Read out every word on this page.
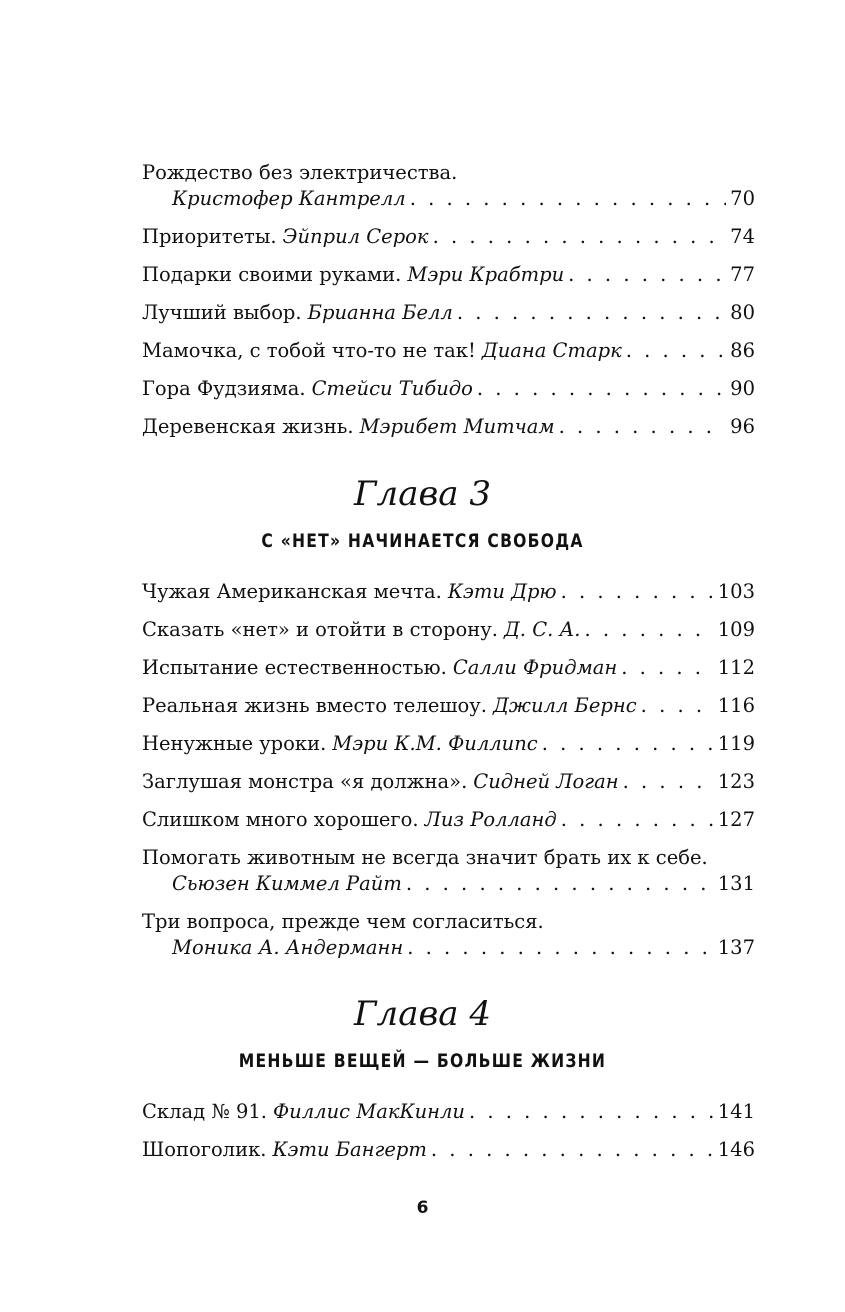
Рождество без электричества.
Кристофер Кантрелл . . .	70
Приоритеты. Эйприл Серок . . .	74
Подарки своими руками. Мэри Крабтри . . .	77
Лучший выбор. Брианна Белл . . .	80
Мамочка, с тобой что-то не так! Диана Старк . . .	86
Гора Фудзияма. Стейси Тибидо . . .	90
Деревенская жизнь. Мэрибет Митчам . . .	96
Глава 3
С «НЕТ» НАЧИНАЕТСЯ СВОБОДА
Чужая Американская мечта. Кэти Дрю . . .	103
Сказать «нет» и отойти в сторону. Д. С. А. . . .	109
Испытание естественностью. Салли Фридман . . .	112
Реальная жизнь вместо телешоу. Джилл Бернс . . .	116
Ненужные уроки. Мэри К.М. Филлипс . . .	119
Заглушая монстра «я должна». Сидней Логан . . .	123
Слишком много хорошего. Лиз Ролланд . . .	127
Помогать животным не всегда значит брать их к себе.
Сьюзен Киммел Райт . . .	131
Три вопроса, прежде чем согласиться.
Моника А. Андерманн . . .	137
Глава 4
МЕНЬШЕ ВЕЩЕЙ — БОЛЬШЕ ЖИЗНИ
Склад № 91. Филлис МакКинли . . .	141
Шопоголик. Кэти Бангерт . . .	146
6
